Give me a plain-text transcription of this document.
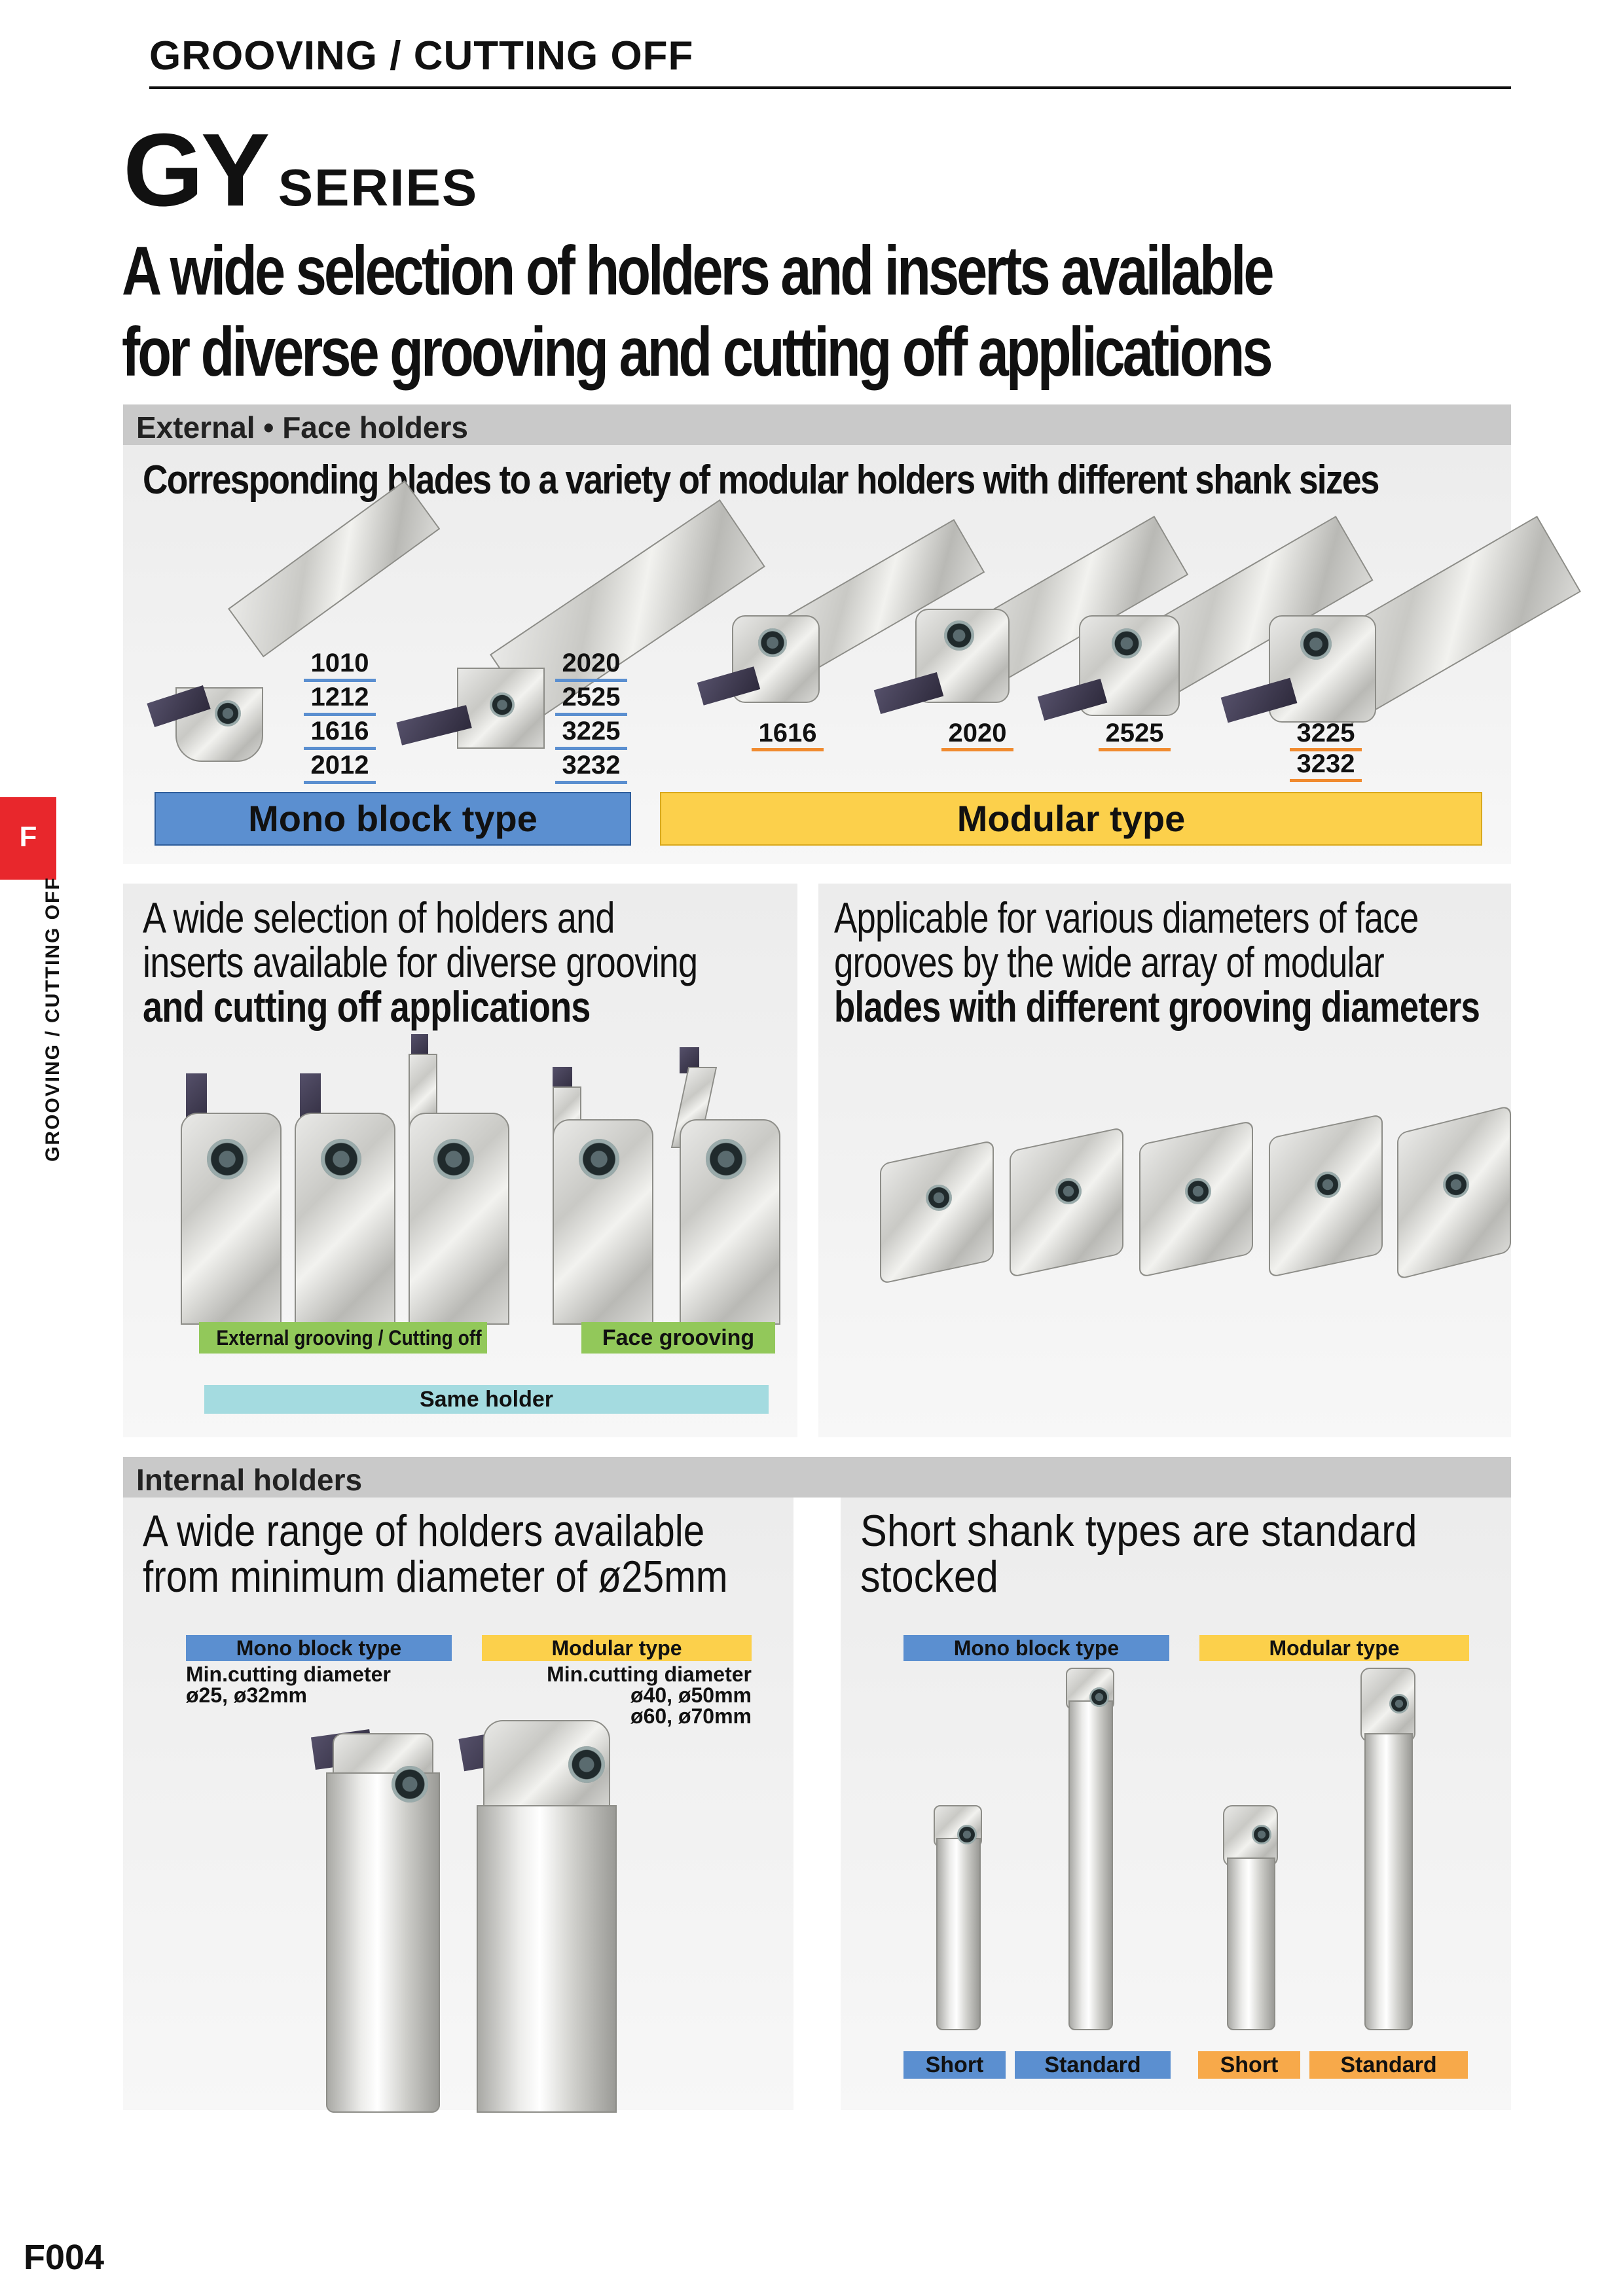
GROOVING / CUTTING OFF
GY SERIES
A wide selection of holders and inserts available
for diverse grooving and cutting off applications
External • Face holders
Corresponding blades to a variety of modular holders with different shank sizes
1010
1212
1616
2012
2020
2525
3225
3232
1616	2020	2525	3225
3232
Mono block type	Modular type
F
GROOVING / CUTTING OFF A wide selection of holders and
inserts available for diverse grooving
and cutting off applications
External grooving / Cutting off	Face grooving
Same holder
Applicable for various diameters of face
grooves by the wide array of modular
blades with different grooving diameters
Internal holders
A wide range of holders available
from minimum diameter of ø25mm
Mono block type	Modular type
Min.cutting diameter
ø25, ø32mm
Min.cutting diameter
ø40, ø50mm
ø60, ø70mm
Short shank types are standard
stocked
Mono block type	Modular type
Short	Standard	Short	Standard
F004
